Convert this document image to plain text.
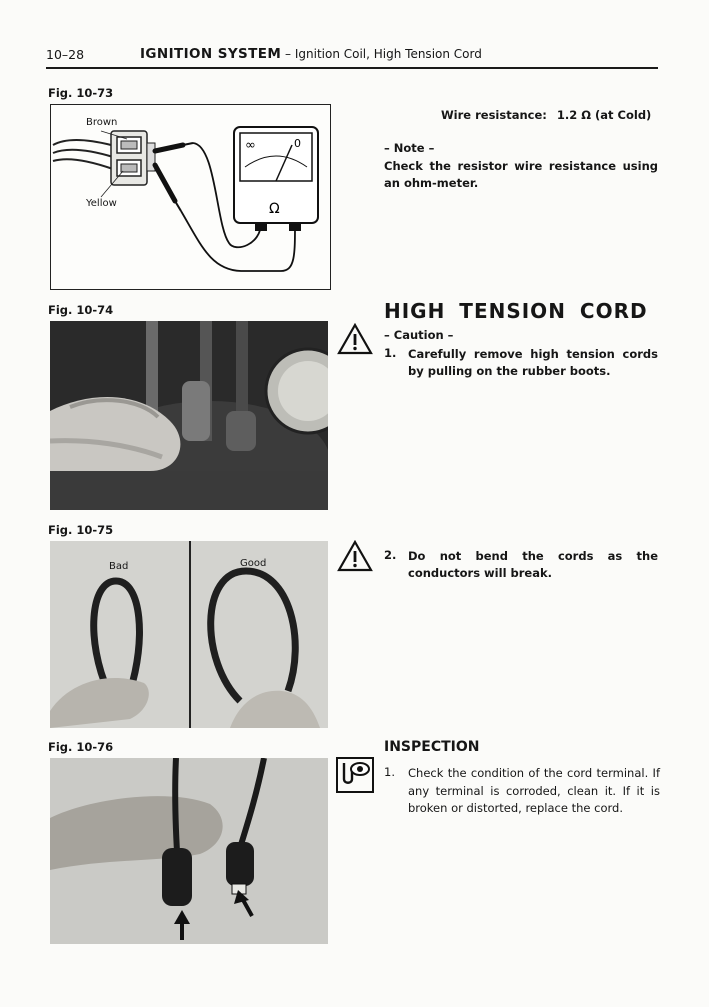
10–28	IGNITION SYSTEM – Ignition Coil, High Tension Cord
Fig. 10-73
∞	0
Ω
Brown
Yellow
Wire resistance: 1.2 Ω (at Cold)
– Note –
Check the resistor wire resistance using an ohm-meter.
Fig. 10-74	HIGH TENSION CORD
– Caution –
1. Carefully remove high tension cords by pulling on the rubber boots.
Fig. 10-75
Bad	Good
2. Do not bend the cords as the conductors will break.
Fig. 10-76	INSPECTION
1. Check the condition of the cord terminal. If any terminal is corroded, clean it. If it is broken or distorted, replace the cord.
